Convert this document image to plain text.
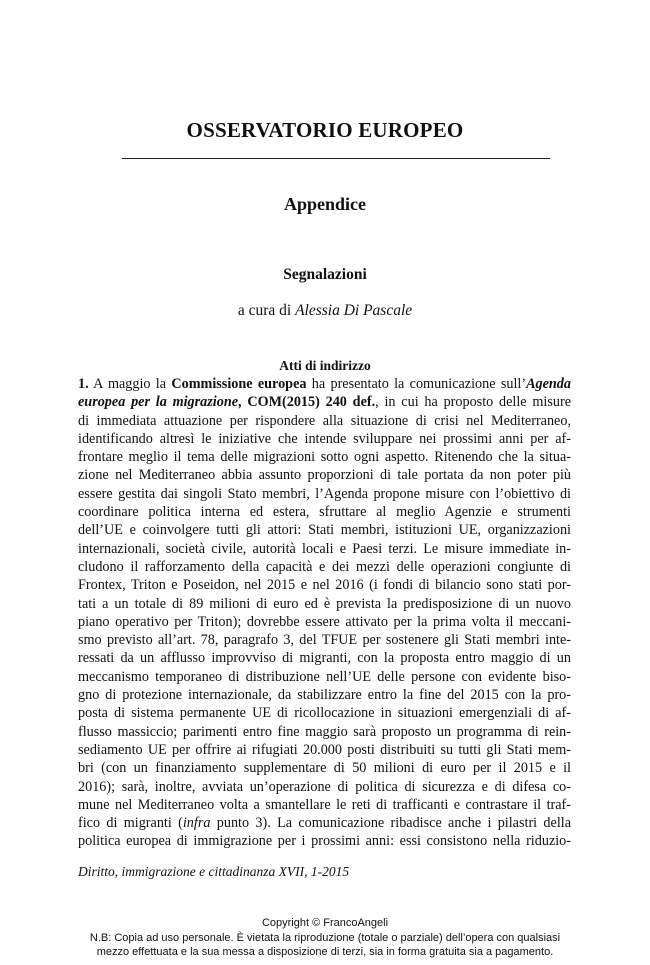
OSSERVATORIO EUROPEO
Appendice
Segnalazioni
a cura di Alessia Di Pascale
Atti di indirizzo
1. A maggio la Commissione europea ha presentato la comunicazione sull’Agenda
europea per la migrazione, COM(2015) 240 def., in cui ha proposto delle misure
di immediata attuazione per rispondere alla situazione di crisi nel Mediterraneo,
identificando altresì le iniziative che intende sviluppare nei prossimi anni per af-
frontare meglio il tema delle migrazioni sotto ogni aspetto. Ritenendo che la situa-
zione nel Mediterraneo abbia assunto proporzioni di tale portata da non poter più
essere gestita dai singoli Stato membri, l’Agenda propone misure con l’obiettivo di
coordinare politica interna ed estera, sfruttare al meglio Agenzie e strumenti
dell’UE e coinvolgere tutti gli attori: Stati membri, istituzioni UE, organizzazioni
internazionali, società civile, autorità locali e Paesi terzi. Le misure immediate in-
cludono il rafforzamento della capacità e dei mezzi delle operazioni congiunte di
Frontex, Triton e Poseidon, nel 2015 e nel 2016 (i fondi di bilancio sono stati por-
tati a un totale di 89 milioni di euro ed è prevista la predisposizione di un nuovo
piano operativo per Triton); dovrebbe essere attivato per la prima volta il meccani-
smo previsto all’art. 78, paragrafo 3, del TFUE per sostenere gli Stati membri inte-
ressati da un afflusso improvviso di migranti, con la proposta entro maggio di un
meccanismo temporaneo di distribuzione nell’UE delle persone con evidente biso-
gno di protezione internazionale, da stabilizzare entro la fine del 2015 con la pro-
posta di sistema permanente UE di ricollocazione in situazioni emergenziali di af-
flusso massiccio; parimenti entro fine maggio sarà proposto un programma di rein-
sediamento UE per offrire ai rifugiati 20.000 posti distribuiti su tutti gli Stati mem-
bri (con un finanziamento supplementare di 50 milioni di euro per il 2015 e il
2016); sarà, inoltre, avviata un’operazione di politica di sicurezza e di difesa co-
mune nel Mediterraneo volta a smantellare le reti di trafficanti e contrastare il traf-
fico di migranti (infra punto 3). La comunicazione ribadisce anche i pilastri della
politica europea di immigrazione per i prossimi anni: essi consistono nella riduzio-
Diritto, immigrazione e cittadinanza XVII, 1-2015
Copyright © FrancoAngeli
N.B: Copia ad uso personale. È vietata la riproduzione (totale o parziale) dell’opera con qualsiasi
mezzo effettuata e la sua messa a disposizione di terzi, sia in forma gratuita sia a pagamento.
